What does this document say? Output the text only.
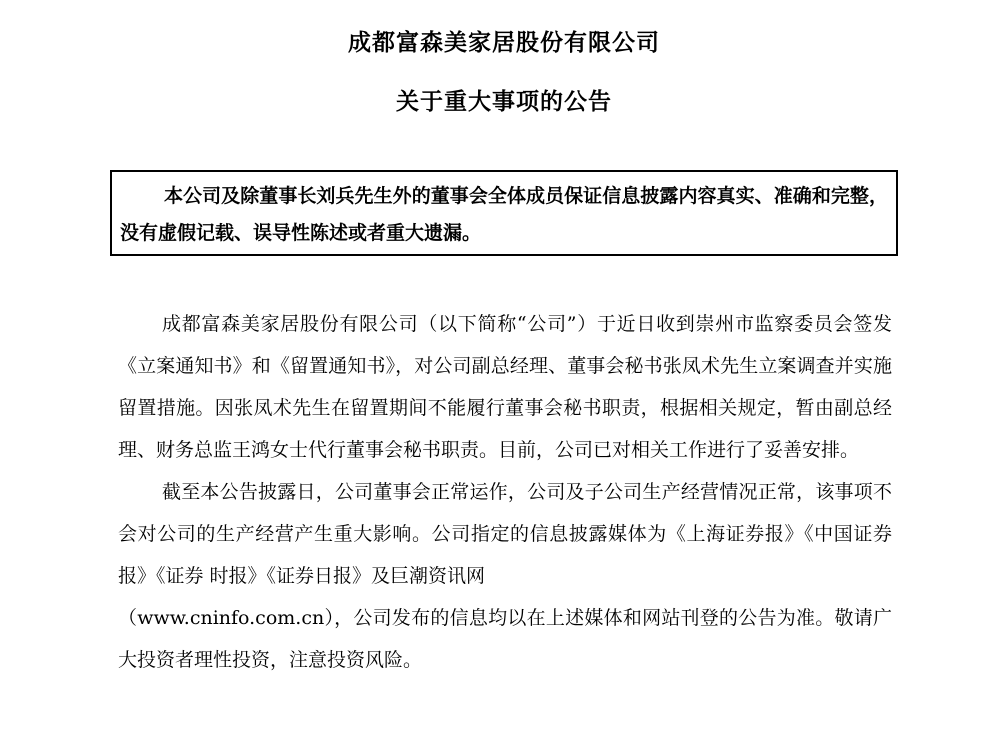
成都富森美家居股份有限公司
关于重大事项的公告
本公司及除董事长刘兵先生外的董事会全体成员保证信息披露内容真实、准确和完整，没有虚假记载、误导性陈述或者重大遗漏。

成都富森美家居股份有限公司（以下简称“公司”）于近日收到崇州市监察委员会签发《立案通知书》和《留置通知书》，对公司副总经理、董事会秘书张凤术先生立案调查并实施留置措施。因张凤术先生在留置期间不能履行董事会秘书职责，根据相关规定，暂由副总经理、财务总监王鸿女士代行董事会秘书职责。目前，公司已对相关工作进行了妥善安排。

截至本公告披露日，公司董事会正常运作，公司及子公司生产经营情况正常，该事项不会对公司的生产经营产生重大影响。公司指定的信息披露媒体为《上海证券报》《中国证券报》《证券 时报》《证券日报》及巨潮资讯网
（www.cninfo.com.cn），公司发布的信息均以在上述媒体和网站刊登的公告为准。敬请广大投资者理性投资，注意投资风险。
